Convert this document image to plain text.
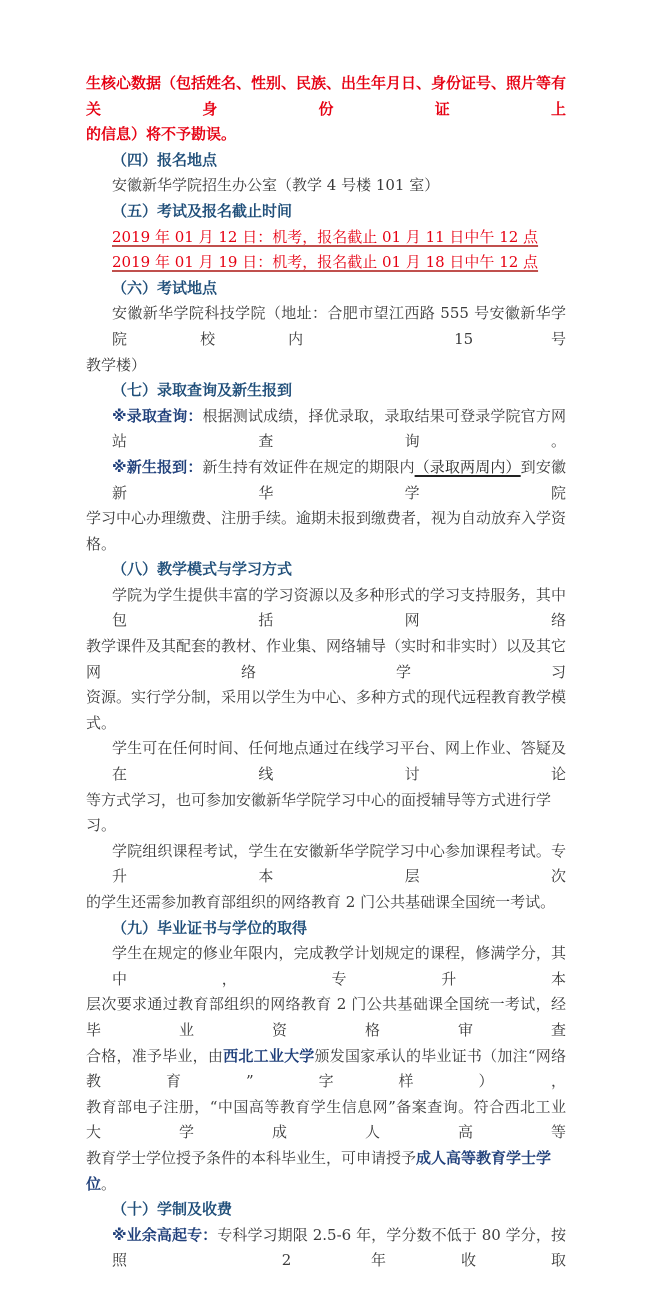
生核心数据（包括姓名、性别、民族、出生年月日、身份证号、照片等有关身份证上
的信息）将不予勘误。
（四）报名地点
安徽新华学院招生办公室（教学 4 号楼 101 室）
（五）考试及报名截止时间
2019 年 01 月 12 日：机考，报名截止 01 月 11 日中午 12 点
2019 年 01 月 19 日：机考，报名截止 01 月 18 日中午 12 点
（六）考试地点
安徽新华学院科技学院（地址：合肥市望江西路 555 号安徽新华学院校内 15 号
教学楼）
（七）录取查询及新生报到
※录取查询：根据测试成绩，择优录取，录取结果可登录学院官方网站查询。
※新生报到：新生持有效证件在规定的期限内（录取两周内）到安徽新华学院
学习中心办理缴费、注册手续。逾期未报到缴费者，视为自动放弃入学资格。
（八）教学模式与学习方式
学院为学生提供丰富的学习资源以及多种形式的学习支持服务，其中包括网络
教学课件及其配套的教材、作业集、网络辅导（实时和非实时）以及其它网络学习
资源。实行学分制，采用以学生为中心、多种方式的现代远程教育教学模式。
学生可在任何时间、任何地点通过在线学习平台、网上作业、答疑及在线讨论
等方式学习，也可参加安徽新华学院学习中心的面授辅导等方式进行学习。
学院组织课程考试，学生在安徽新华学院学习中心参加课程考试。专升本层次
的学生还需参加教育部组织的网络教育 2 门公共基础课全国统一考试。
（九）毕业证书与学位的取得
学生在规定的修业年限内，完成教学计划规定的课程，修满学分，其中，专升本
层次要求通过教育部组织的网络教育 2 门公共基础课全国统一考试，经毕业资格审查
合格，准予毕业，由西北工业大学颁发国家承认的毕业证书（加注“网络教育”字样），
教育部电子注册，“中国高等教育学生信息网”备案查询。符合西北工业大学成人高等
教育学士学位授予条件的本科毕业生，可申请授予成人高等教育学士学位。
（十）学制及收费
※业余高起专：专科学习期限 2.5-6 年，学分数不低于 80 学分，按照 2 年收取
